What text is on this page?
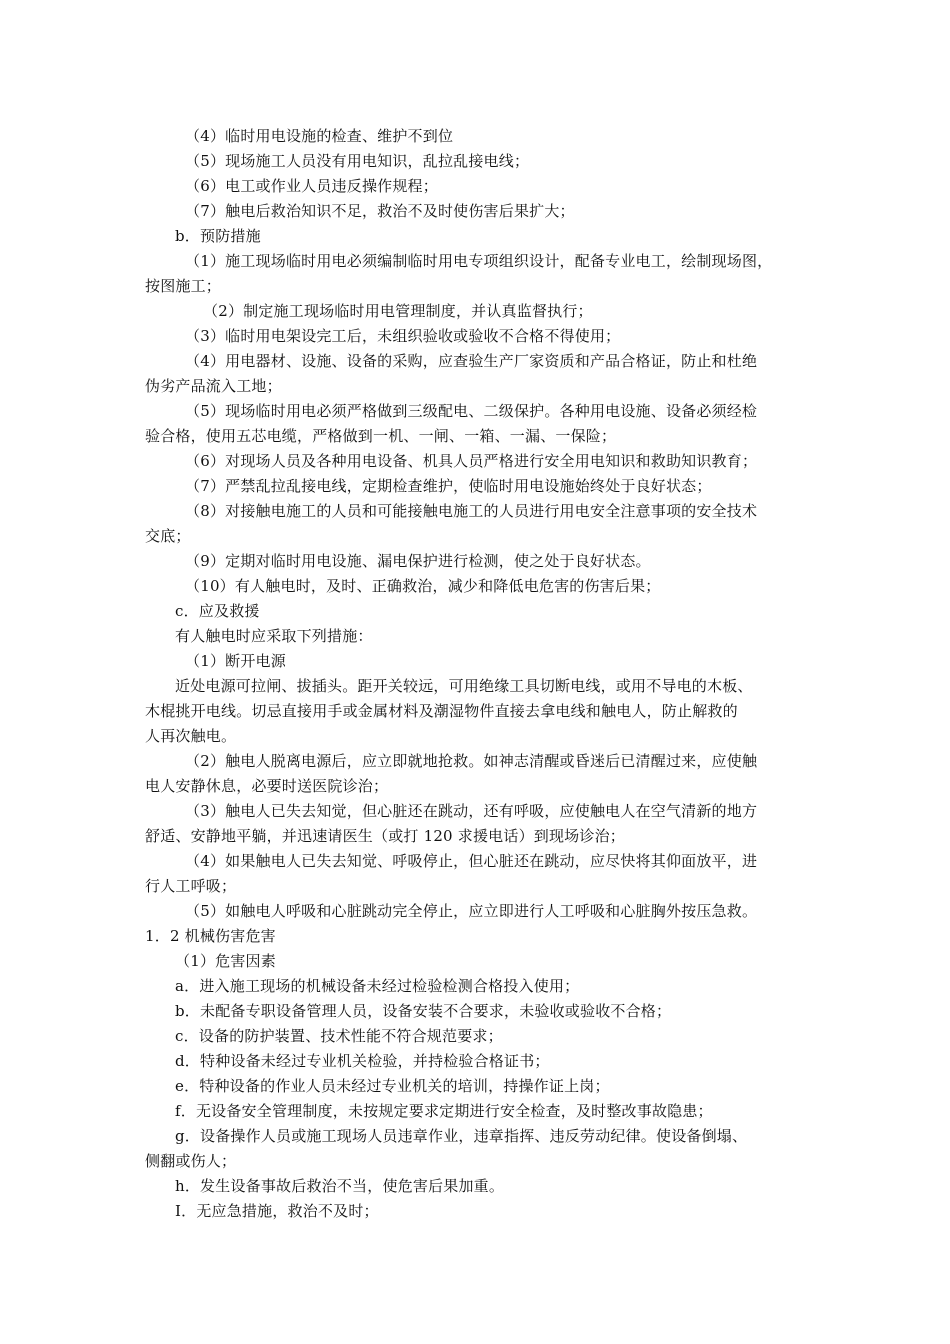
（4）临时用电设施的检查、维护不到位
（5）现场施工人员没有用电知识，乱拉乱接电线；
（6）电工或作业人员违反操作规程；
（7）触电后救治知识不足，救治不及时使伤害后果扩大；
b．预防措施
（1）施工现场临时用电必须编制临时用电专项组织设计，配备专业电工，绘制现场图，
按图施工；
（2）制定施工现场临时用电管理制度，并认真监督执行；
（3）临时用电架设完工后，未组织验收或验收不合格不得使用；
（4）用电器材、设施、设备的采购，应查验生产厂家资质和产品合格证，防止和杜绝
伪劣产品流入工地；
（5）现场临时用电必须严格做到三级配电、二级保护。各种用电设施、设备必须经检
验合格，使用五芯电缆，严格做到一机、一闸、一箱、一漏、一保险；
（6）对现场人员及各种用电设备、机具人员严格进行安全用电知识和救助知识教育；
（7）严禁乱拉乱接电线，定期检查维护，使临时用电设施始终处于良好状态；
（8）对接触电施工的人员和可能接触电施工的人员进行用电安全注意事项的安全技术
交底；
（9）定期对临时用电设施、漏电保护进行检测，使之处于良好状态。
（10）有人触电时，及时、正确救治，减少和降低电危害的伤害后果；
c．应及救援
有人触电时应采取下列措施：
（1）断开电源
近处电源可拉闸、拔插头。距开关较远，可用绝缘工具切断电线，或用不导电的木板、
木棍挑开电线。切忌直接用手或金属材料及潮湿物件直接去拿电线和触电人，防止解救的
人再次触电。
（2）触电人脱离电源后，应立即就地抢救。如神志清醒或昏迷后已清醒过来，应使触
电人安静休息，必要时送医院诊治；
（3）触电人已失去知觉，但心脏还在跳动，还有呼吸，应使触电人在空气清新的地方
舒适、安静地平躺，并迅速请医生（或打 120 求援电话）到现场诊治；
（4）如果触电人已失去知觉、呼吸停止，但心脏还在跳动，应尽快将其仰面放平，进
行人工呼吸；
（5）如触电人呼吸和心脏跳动完全停止，应立即进行人工呼吸和心脏胸外按压急救。
1．2 机械伤害危害
（1）危害因素
a．进入施工现场的机械设备未经过检验检测合格投入使用；
b．未配备专职设备管理人员，设备安装不合要求，未验收或验收不合格；
c．设备的防护装置、技术性能不符合规范要求；
d．特种设备未经过专业机关检验，并持检验合格证书；
e．特种设备的作业人员未经过专业机关的培训，持操作证上岗；
f．无设备安全管理制度，未按规定要求定期进行安全检查，及时整改事故隐患；
g．设备操作人员或施工现场人员违章作业，违章指挥、违反劳动纪律。使设备倒塌、
侧翻或伤人；
h．发生设备事故后救治不当，使危害后果加重。
I．无应急措施，救治不及时；
